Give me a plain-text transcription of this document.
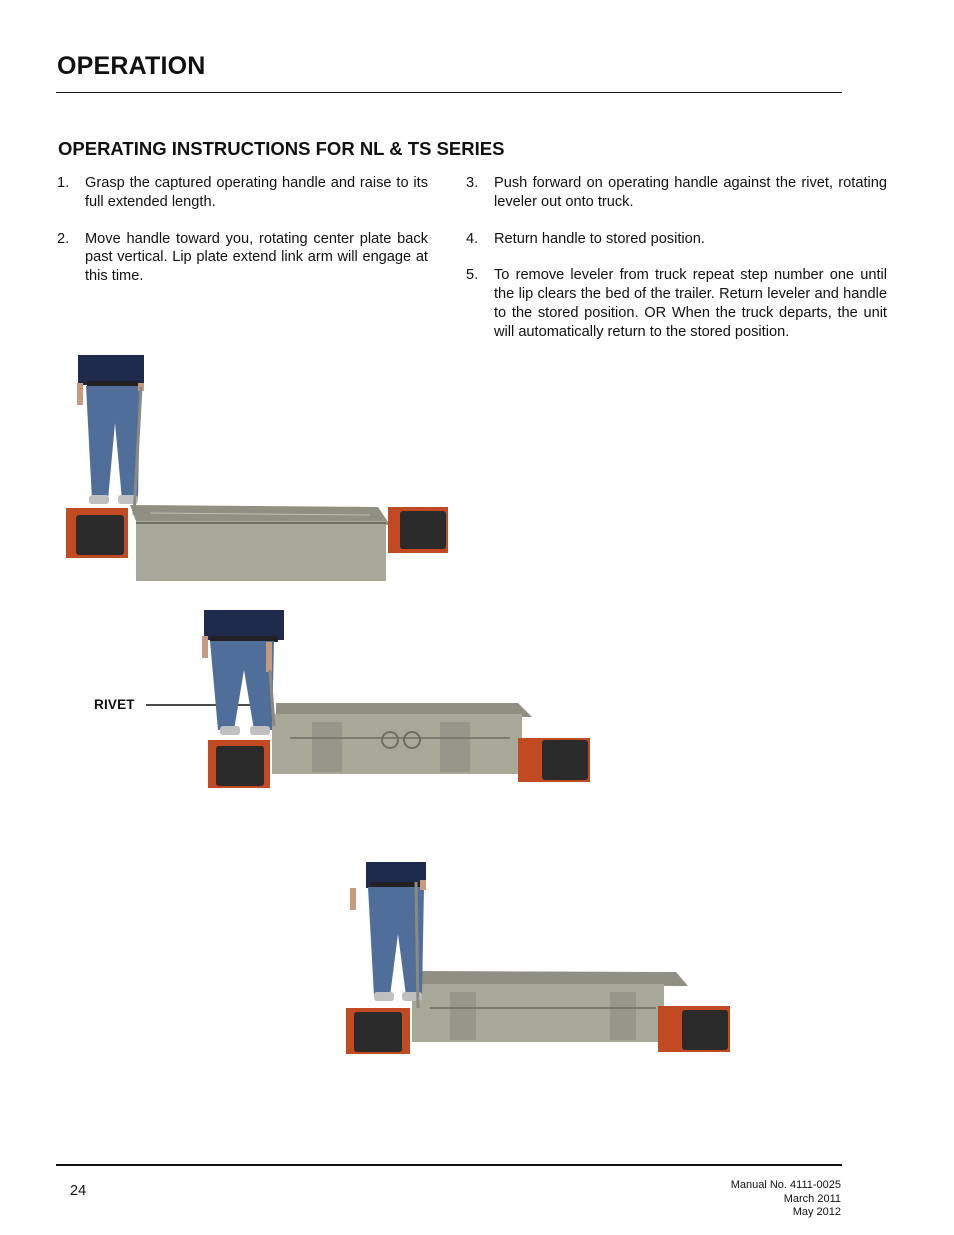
OPERATION
OPERATING INSTRUCTIONS FOR NL & TS SERIES
1. Grasp the captured operating handle and raise to its full extended length.
2. Move handle toward you, rotating center plate back past vertical. Lip plate extend link arm will engage at this time.
3. Push forward on operating handle against the rivet, rotating leveler out onto truck.
4. Return handle to stored position.
5. To remove leveler from truck repeat step number one until the lip clears the bed of the trailer. Return leveler and handle to the stored position. OR When the truck departs, the unit will automatically return to the stored position.
RIVET
24	Manual No. 4111-0025
March 2011
May 2012
